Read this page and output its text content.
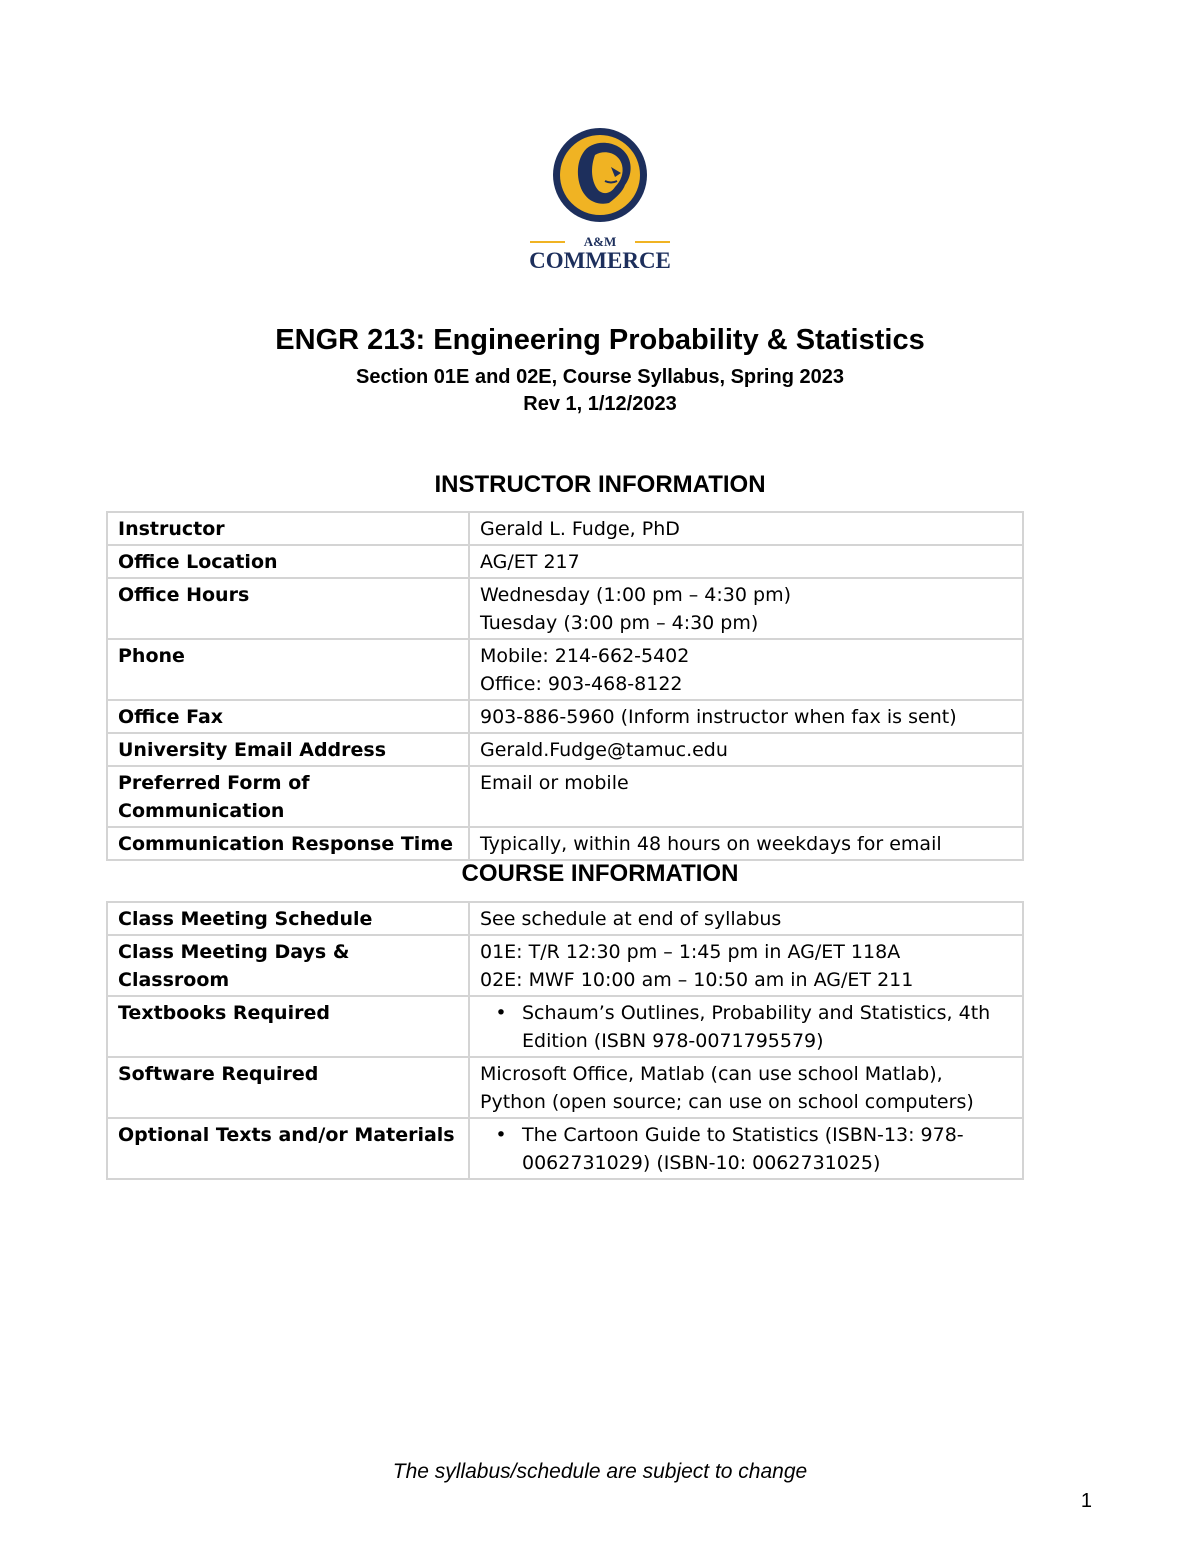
A&M
COMMERCE
ENGR 213: Engineering Probability & Statistics
Section 01E and 02E, Course Syllabus, Spring 2023
Rev 1, 1/12/2023
INSTRUCTOR INFORMATION
Instructor	Gerald L. Fudge, PhD

Office Location	AG/ET 217

Office Hours	Wednesday (1:00 pm – 4:30 pm)
Tuesday (3:00 pm – 4:30 pm)

Phone	Mobile: 214-662-5402
Office: 903-468-8122

Office Fax	903-886-5960 (Inform instructor when fax is sent)

University Email Address	Gerald.Fudge@tamuc.edu

Preferred Form of Communication	Email or mobile

Communication Response Time	Typically, within 48 hours on weekdays for email
COURSE INFORMATION
Class Meeting Schedule	See schedule at end of syllabus

Class Meeting Days & Classroom	01E: T/R 12:30 pm – 1:45 pm in AG/ET 118A
02E: MWF 10:00 am – 10:50 am in AG/ET 211

Textbooks Required	• Schaum’s Outlines, Probability and Statistics, 4th
Edition (ISBN 978-0071795579)

Software Required	Microsoft Office, Matlab (can use school Matlab),
Python (open source; can use on school computers)

Optional Texts and/or Materials	• The Cartoon Guide to Statistics (ISBN-13: 978-
0062731029) (ISBN-10: 0062731025)
The syllabus/schedule are subject to change
1
